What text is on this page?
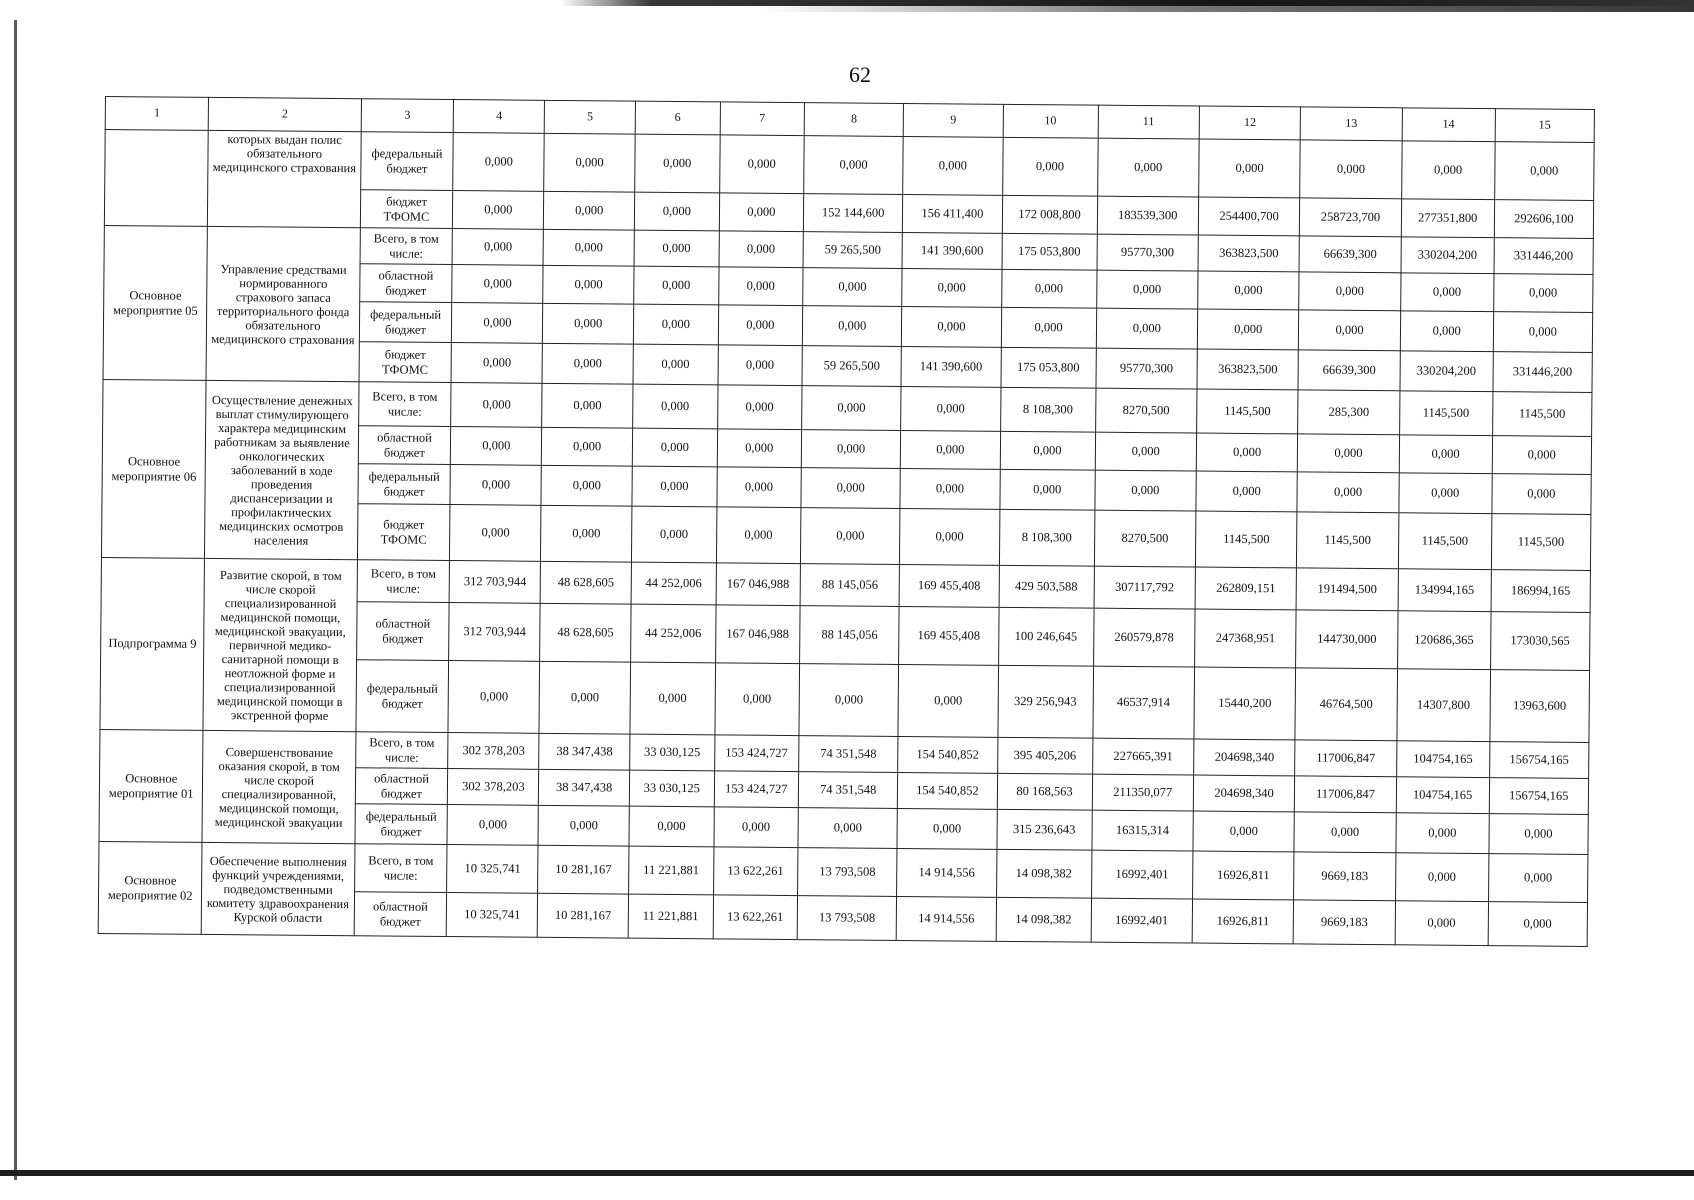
62
1	2	3	4	5	6	7	8	9	10	11	12	13	14	15
	которых выдан полис обязательного медицинского страхования	федеральный бюджет	0,000	0,000	0,000	0,000	0,000	0,000	0,000	0,000	0,000	0,000	0,000	0,000
		бюджет ТФОМС	0,000	0,000	0,000	0,000	152 144,600	156 411,400	172 008,800	183539,300	254400,700	258723,700	277351,800	292606,100
Основное мероприятие 05	Управление средствами нормированного страхового запаса территориального фонда обязательного медицинского страхования	Всего, в том числе:	0,000	0,000	0,000	0,000	59 265,500	141 390,600	175 053,800	95770,300	363823,500	66639,300	330204,200	331446,200
		областной бюджет	0,000	0,000	0,000	0,000	0,000	0,000	0,000	0,000	0,000	0,000	0,000	0,000
		федеральный бюджет	0,000	0,000	0,000	0,000	0,000	0,000	0,000	0,000	0,000	0,000	0,000	0,000
		бюджет ТФОМС	0,000	0,000	0,000	0,000	59 265,500	141 390,600	175 053,800	95770,300	363823,500	66639,300	330204,200	331446,200
Основное мероприятие 06	Осуществление денежных выплат стимулирующего характера медицинским работникам за выявление онкологических заболеваний в ходе проведения диспансеризации и профилактических медицинских осмотров населения	Всего, в том числе:	0,000	0,000	0,000	0,000	0,000	0,000	8 108,300	8270,500	1145,500	285,300	1145,500	1145,500
		областной бюджет	0,000	0,000	0,000	0,000	0,000	0,000	0,000	0,000	0,000	0,000	0,000	0,000
		федеральный бюджет	0,000	0,000	0,000	0,000	0,000	0,000	0,000	0,000	0,000	0,000	0,000	0,000
		бюджет ТФОМС	0,000	0,000	0,000	0,000	0,000	0,000	8 108,300	8270,500	1145,500	1145,500	1145,500	1145,500
Подпрограмма 9	Развитие скорой, в том числе скорой специализированной медицинской помощи, медицинской эвакуации, первичной медико-санитарной помощи в неотложной форме и специализированной медицинской помощи в экстренной форме	Всего, в том числе:	312 703,944	48 628,605	44 252,006	167 046,988	88 145,056	169 455,408	429 503,588	307117,792	262809,151	191494,500	134994,165	186994,165
		областной бюджет	312 703,944	48 628,605	44 252,006	167 046,988	88 145,056	169 455,408	100 246,645	260579,878	247368,951	144730,000	120686,365	173030,565
		федеральный бюджет	0,000	0,000	0,000	0,000	0,000	0,000	329 256,943	46537,914	15440,200	46764,500	14307,800	13963,600
Основное мероприятие 01	Совершенствование оказания скорой, в том числе скорой специализированной, медицинской помощи, медицинской эвакуации	Всего, в том числе:	302 378,203	38 347,438	33 030,125	153 424,727	74 351,548	154 540,852	395 405,206	227665,391	204698,340	117006,847	104754,165	156754,165
		областной бюджет	302 378,203	38 347,438	33 030,125	153 424,727	74 351,548	154 540,852	80 168,563	211350,077	204698,340	117006,847	104754,165	156754,165
		федеральный бюджет	0,000	0,000	0,000	0,000	0,000	0,000	315 236,643	16315,314	0,000	0,000	0,000	0,000
Основное мероприятие 02	Обеспечение выполнения функций учреждениями, подведомственными комитету здравоохранения Курской области	Всего, в том числе:	10 325,741	10 281,167	11 221,881	13 622,261	13 793,508	14 914,556	14 098,382	16992,401	16926,811	9669,183	0,000	0,000
		областной бюджет	10 325,741	10 281,167	11 221,881	13 622,261	13 793,508	14 914,556	14 098,382	16992,401	16926,811	9669,183	0,000	0,000
